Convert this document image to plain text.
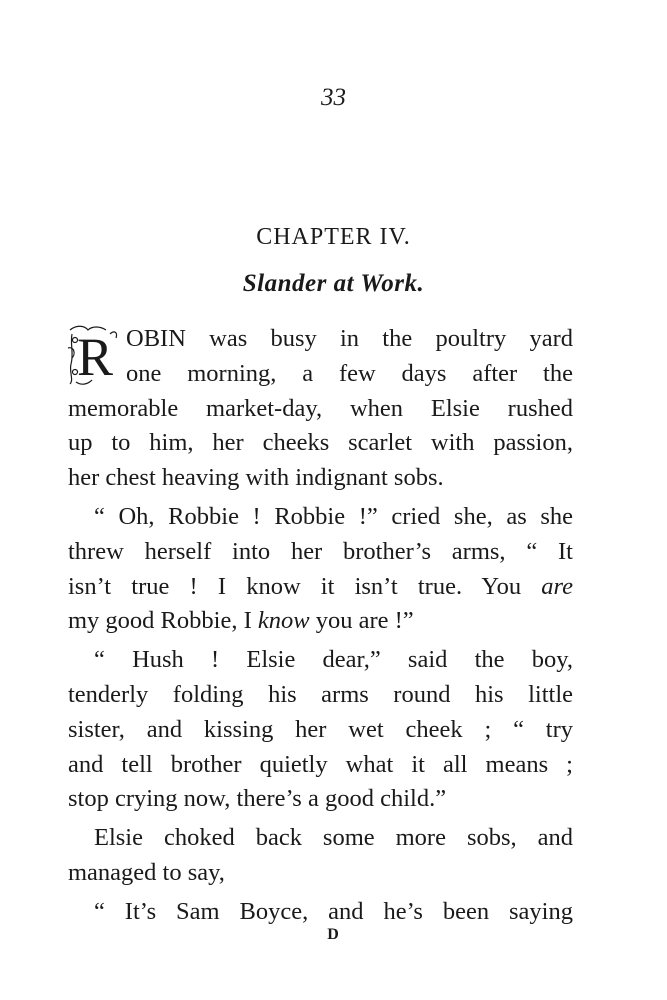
33
CHAPTER IV.
Slander at Work.
R OBIN was busy in the poultry yard
one morning, a few days after the
memorable market-day, when Elsie rushed
up to him, her cheeks scarlet with passion,
her chest heaving with indignant sobs.
“ Oh, Robbie ! Robbie !” cried she, as she
threw herself into her brother’s arms, “ It
isn’t true ! I know it isn’t true. You are
my good Robbie, I know you are !”
“ Hush ! Elsie dear,” said the boy,
tenderly folding his arms round his little
sister, and kissing her wet cheek ; “ try
and tell brother quietly what it all means ;
stop crying now, there’s a good child.”
Elsie choked back some more sobs, and
managed to say,
“ It’s Sam Boyce, and he’s been saying
D
